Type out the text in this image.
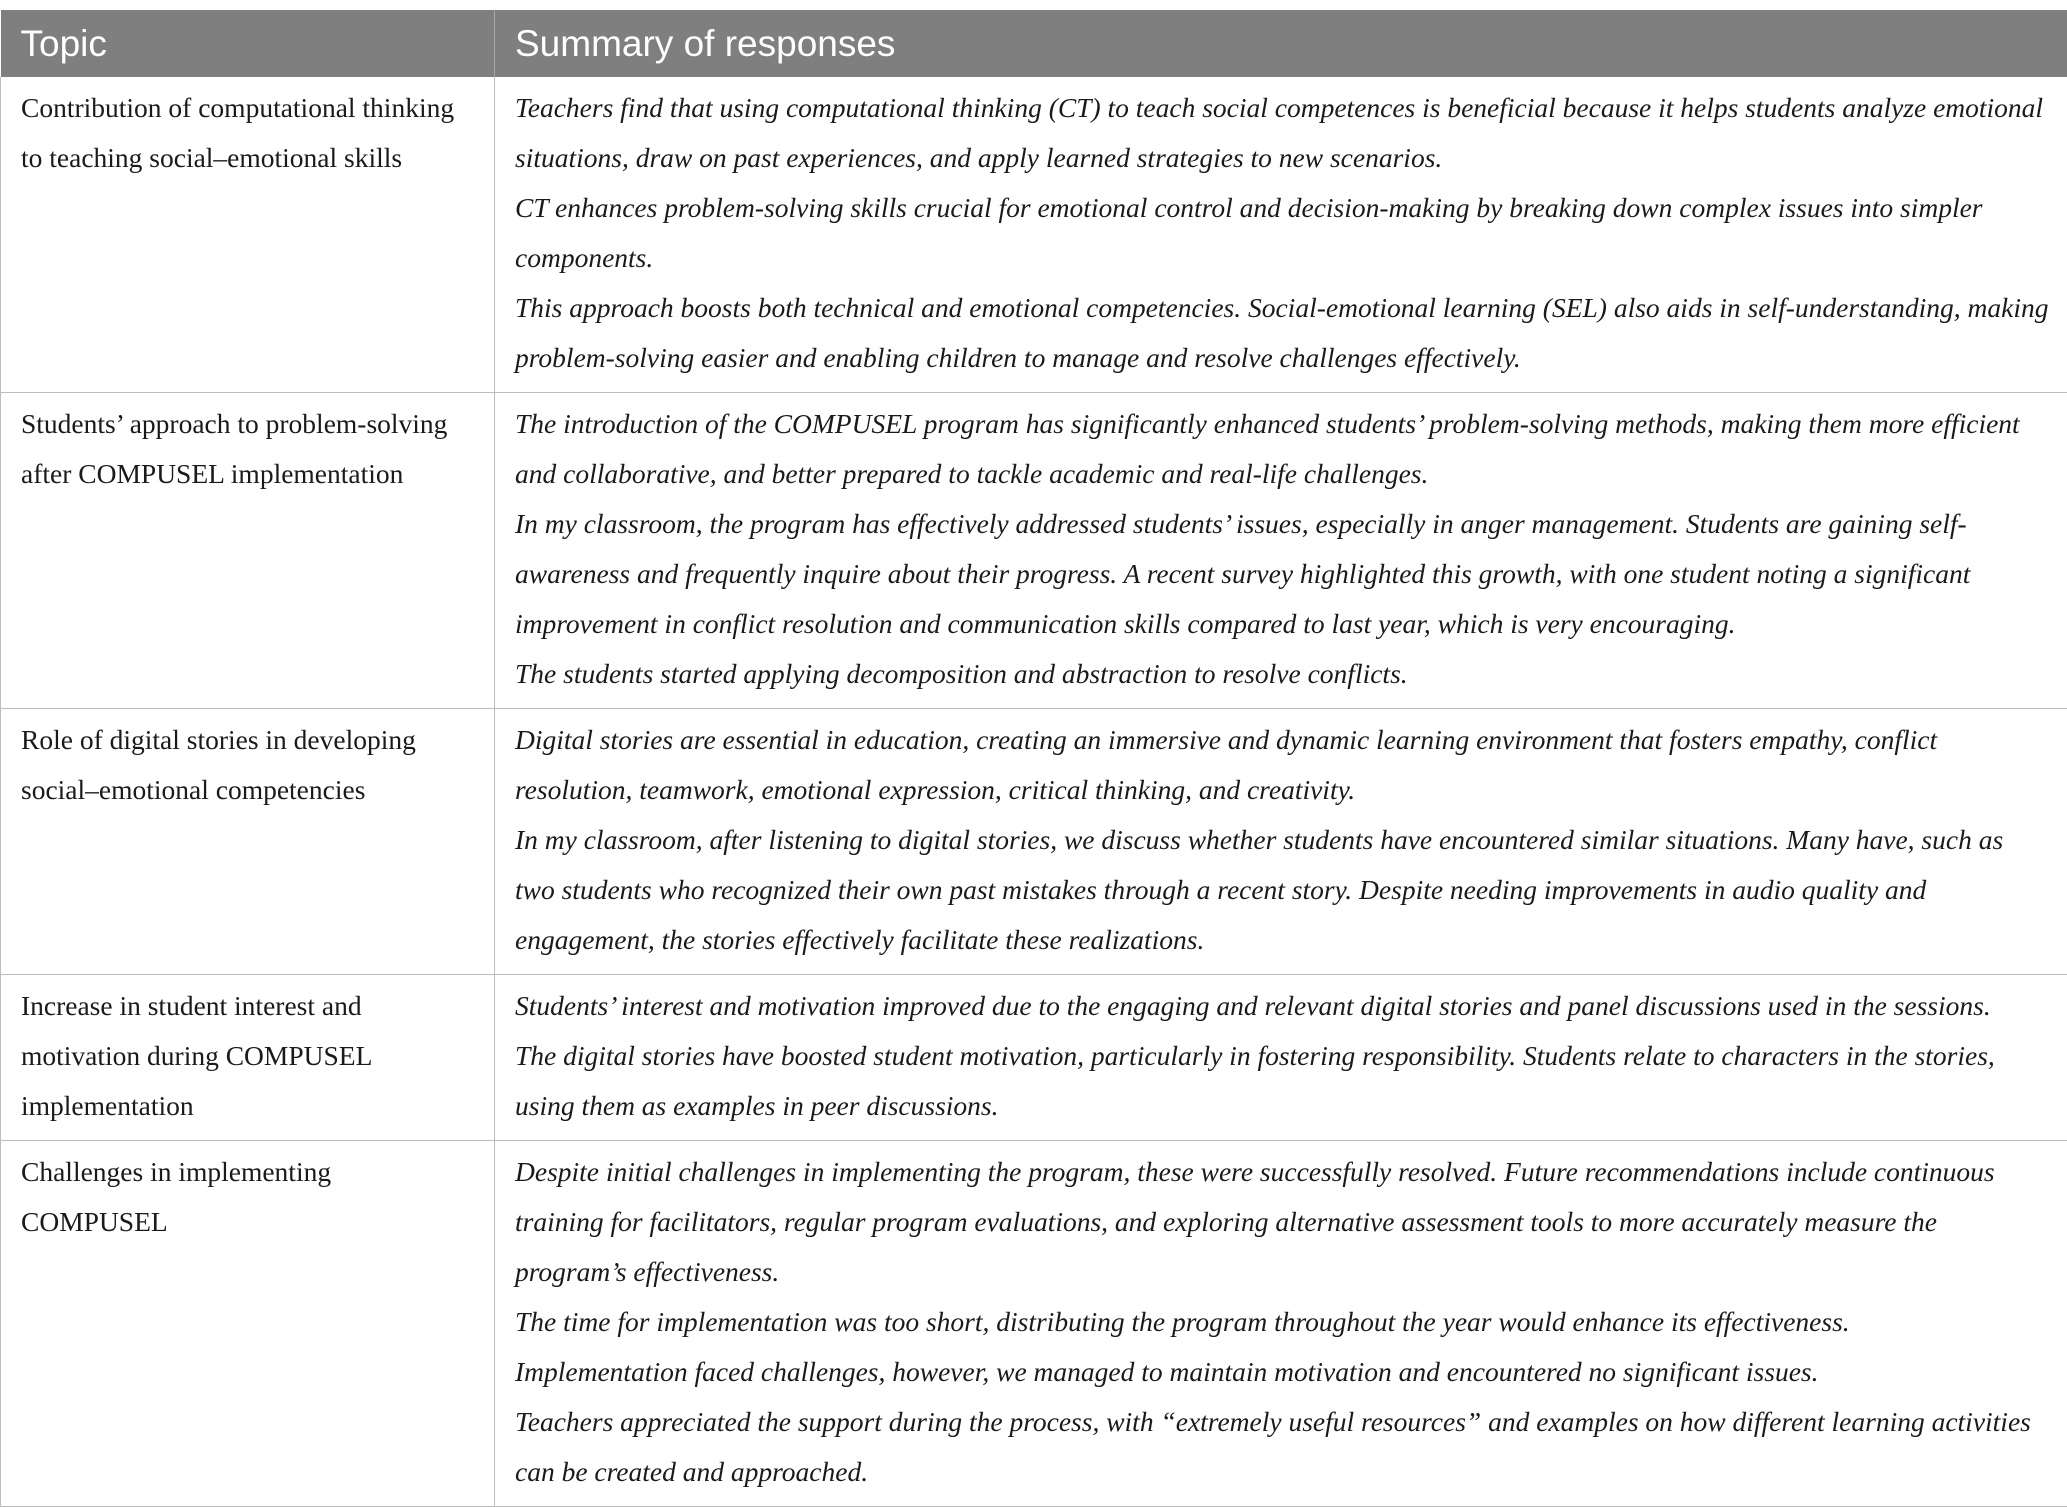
Topic	Summary of responses
Contribution of computational thinking to teaching social–emotional skills	Teachers find that using computational thinking (CT) to teach social competences is beneficial because it helps students analyze emotional situations, draw on past experiences, and apply learned strategies to new scenarios.
CT enhances problem-solving skills crucial for emotional control and decision-making by breaking down complex issues into simpler components.
This approach boosts both technical and emotional competencies. Social-emotional learning (SEL) also aids in self-understanding, making problem-solving easier and enabling children to manage and resolve challenges effectively.

Students’ approach to problem-solving after COMPUSEL implementation	The introduction of the COMPUSEL program has significantly enhanced students’ problem-solving methods, making them more efficient and collaborative, and better prepared to tackle academic and real-life challenges.
In my classroom, the program has effectively addressed students’ issues, especially in anger management. Students are gaining self-awareness and frequently inquire about their progress. A recent survey highlighted this growth, with one student noting a significant improvement in conflict resolution and communication skills compared to last year, which is very encouraging.
The students started applying decomposition and abstraction to resolve conflicts.

Role of digital stories in developing social–emotional competencies	Digital stories are essential in education, creating an immersive and dynamic learning environment that fosters empathy, conflict resolution, teamwork, emotional expression, critical thinking, and creativity.
In my classroom, after listening to digital stories, we discuss whether students have encountered similar situations. Many have, such as two students who recognized their own past mistakes through a recent story. Despite needing improvements in audio quality and engagement, the stories effectively facilitate these realizations.

Increase in student interest and motivation during COMPUSEL implementation	Students’ interest and motivation improved due to the engaging and relevant digital stories and panel discussions used in the sessions.
The digital stories have boosted student motivation, particularly in fostering responsibility. Students relate to characters in the stories, using them as examples in peer discussions.

Challenges in implementing COMPUSEL	Despite initial challenges in implementing the program, these were successfully resolved. Future recommendations include continuous training for facilitators, regular program evaluations, and exploring alternative assessment tools to more accurately measure the program’s effectiveness.
The time for implementation was too short, distributing the program throughout the year would enhance its effectiveness.
Implementation faced challenges, however, we managed to maintain motivation and encountered no significant issues.
Teachers appreciated the support during the process, with “extremely useful resources” and examples on how different learning activities can be created and approached.
